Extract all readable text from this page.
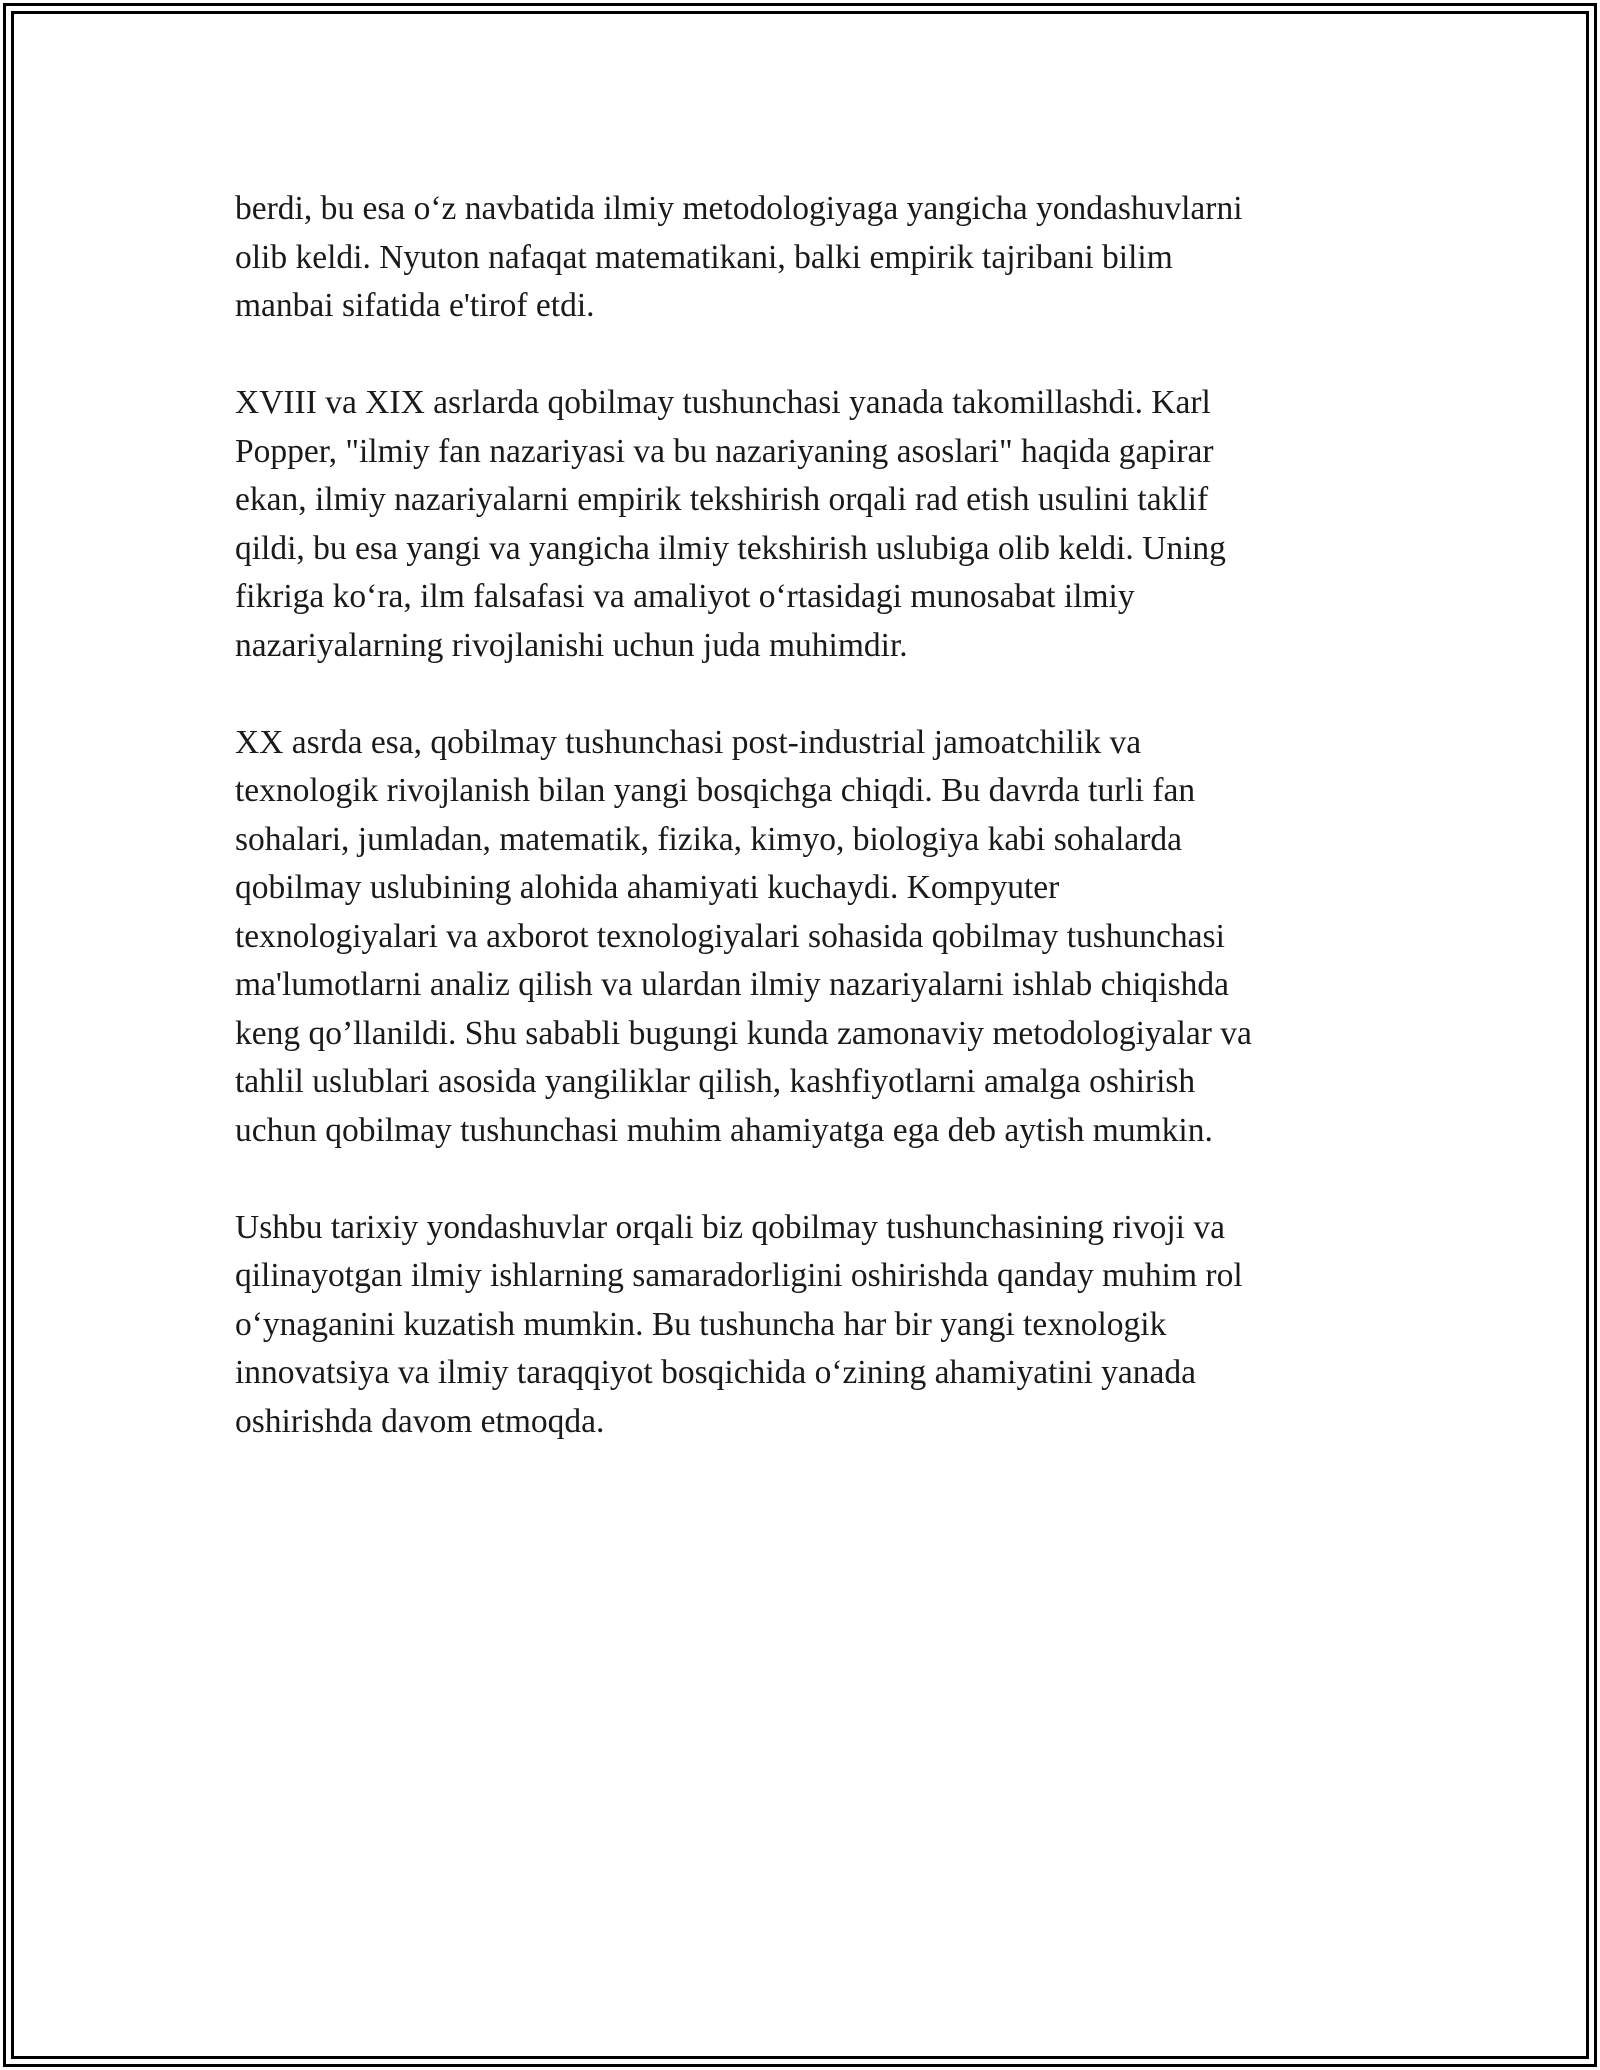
berdi, bu esa o‘z navbatida ilmiy metodologiyaga yangicha yondashuvlarni
olib keldi. Nyuton nafaqat matematikani, balki empirik tajribani bilim
manbai sifatida e'tirof etdi.

XVIII va XIX asrlarda qobilmay tushunchasi yanada takomillashdi. Karl
Popper, "ilmiy fan nazariyasi va bu nazariyaning asoslari" haqida gapirar
ekan, ilmiy nazariyalarni empirik tekshirish orqali rad etish usulini taklif
qildi, bu esa yangi va yangicha ilmiy tekshirish uslubiga olib keldi. Uning
fikriga ko‘ra, ilm falsafasi va amaliyot o‘rtasidagi munosabat ilmiy
nazariyalarning rivojlanishi uchun juda muhimdir.

XX asrda esa, qobilmay tushunchasi post-industrial jamoatchilik va
texnologik rivojlanish bilan yangi bosqichga chiqdi. Bu davrda turli fan
sohalari, jumladan, matematik, fizika, kimyo, biologiya kabi sohalarda
qobilmay uslubining alohida ahamiyati kuchaydi. Kompyuter
texnologiyalari va axborot texnologiyalari sohasida qobilmay tushunchasi
ma'lumotlarni analiz qilish va ulardan ilmiy nazariyalarni ishlab chiqishda
keng qo’llanildi. Shu sababli bugungi kunda zamonaviy metodologiyalar va
tahlil uslublari asosida yangiliklar qilish, kashfiyotlarni amalga oshirish
uchun qobilmay tushunchasi muhim ahamiyatga ega deb aytish mumkin.

Ushbu tarixiy yondashuvlar orqali biz qobilmay tushunchasining rivoji va
qilinayotgan ilmiy ishlarning samaradorligini oshirishda qanday muhim rol
o‘ynaganini kuzatish mumkin. Bu tushuncha har bir yangi texnologik
innovatsiya va ilmiy taraqqiyot bosqichida o‘zining ahamiyatini yanada
oshirishda davom etmoqda.
